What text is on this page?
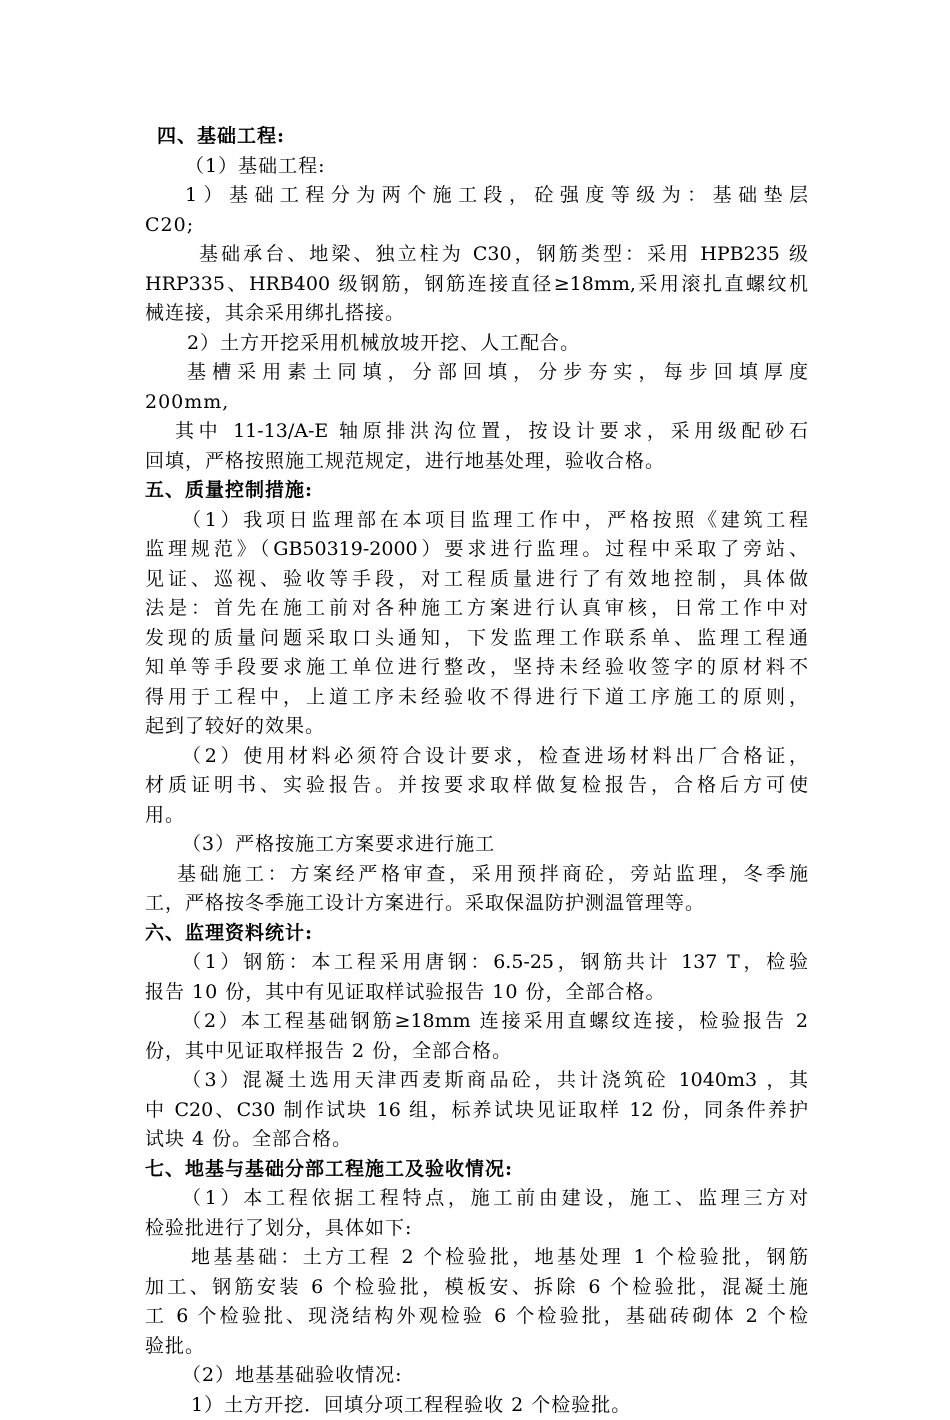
四、基础工程:
（1）基础工程:
1）基础工程分为两个施工段，砼强度等级为：基础垫层
C20;
基础承台、地梁、独立柱为 C30，钢筋类型：采用 HPB235 级
HRP335、HRB400 级钢筋，钢筋连接直径≥18mm,采用滚扎直螺纹机
械连接，其余采用绑扎搭接。
2）土方开挖采用机械放坡开挖、人工配合。
基槽采用素土同填，分部回填，分步夯实，每步回填厚度
200mm,
其中 11-13/A-E 轴原排洪沟位置，按设计要求，采用级配砂石
回填，严格按照施工规范规定，进行地基处理，验收合格。
五、质量控制措施:
（1）我项日监理部在本项目监理工作中，严格按照《建筑工程
监理规范》（GB50319-2000）要求进行监理。过程中采取了旁站、
见证、巡视、验收等手段，对工程质量进行了有效地控制，具体做
法是：首先在施工前对各种施工方案进行认真审核，日常工作中对
发现的质量问题采取口头通知，下发监理工作联系单、监理工程通
知单等手段要求施工单位进行整改，坚持未经验收签字的原材料不
得用于工程中，上道工序未经验收不得进行下道工序施工的原则，
起到了较好的效果。
（2）使用材料必须符合设计要求，检查进场材料出厂合格证，
材质证明书、实验报告。并按要求取样做复检报告，合格后方可使
用。
（3）严格按施工方案要求进行施工
基础施工：方案经严格审查，采用预拌商砼，旁站监理，冬季施
工，严格按冬季施工设计方案进行。采取保温防护测温管理等。
六、监理资料统计:
（1）钢筋：本工程采用唐钢：6.5-25，钢筋共计 137 T，检验
报告 10 份，其中有见证取样试验报告 10 份，全部合格。
（2）本工程基础钢筋≥18mm 连接采用直螺纹连接，检验报告 2
份，其中见证取样报告 2 份，全部合格。
（3）混凝土选用天津西麦斯商品砼，共计浇筑砼 1040m3 ，其
中 C20、C30 制作试块 16 组，标养试块见证取样 12 份，同条件养护
试块 4 份。全部合格。
七、地基与基础分部工程施工及验收情况:
（1）本工程依据工程特点，施工前由建设，施工、监理三方对
检验批进行了划分，具体如下:
地基基础：土方工程 2 个检验批，地基处理 1 个检验批，钢筋
加工、钢筋安装 6 个检验批，模板安、拆除 6 个检验批，混凝土施
工 6 个检验批、现浇结构外观检验 6 个检验批，基础砖砌体 2 个检
验批。
（2）地基基础验收情况:
1）土方开挖．回填分项工程程验收 2 个检验批。
